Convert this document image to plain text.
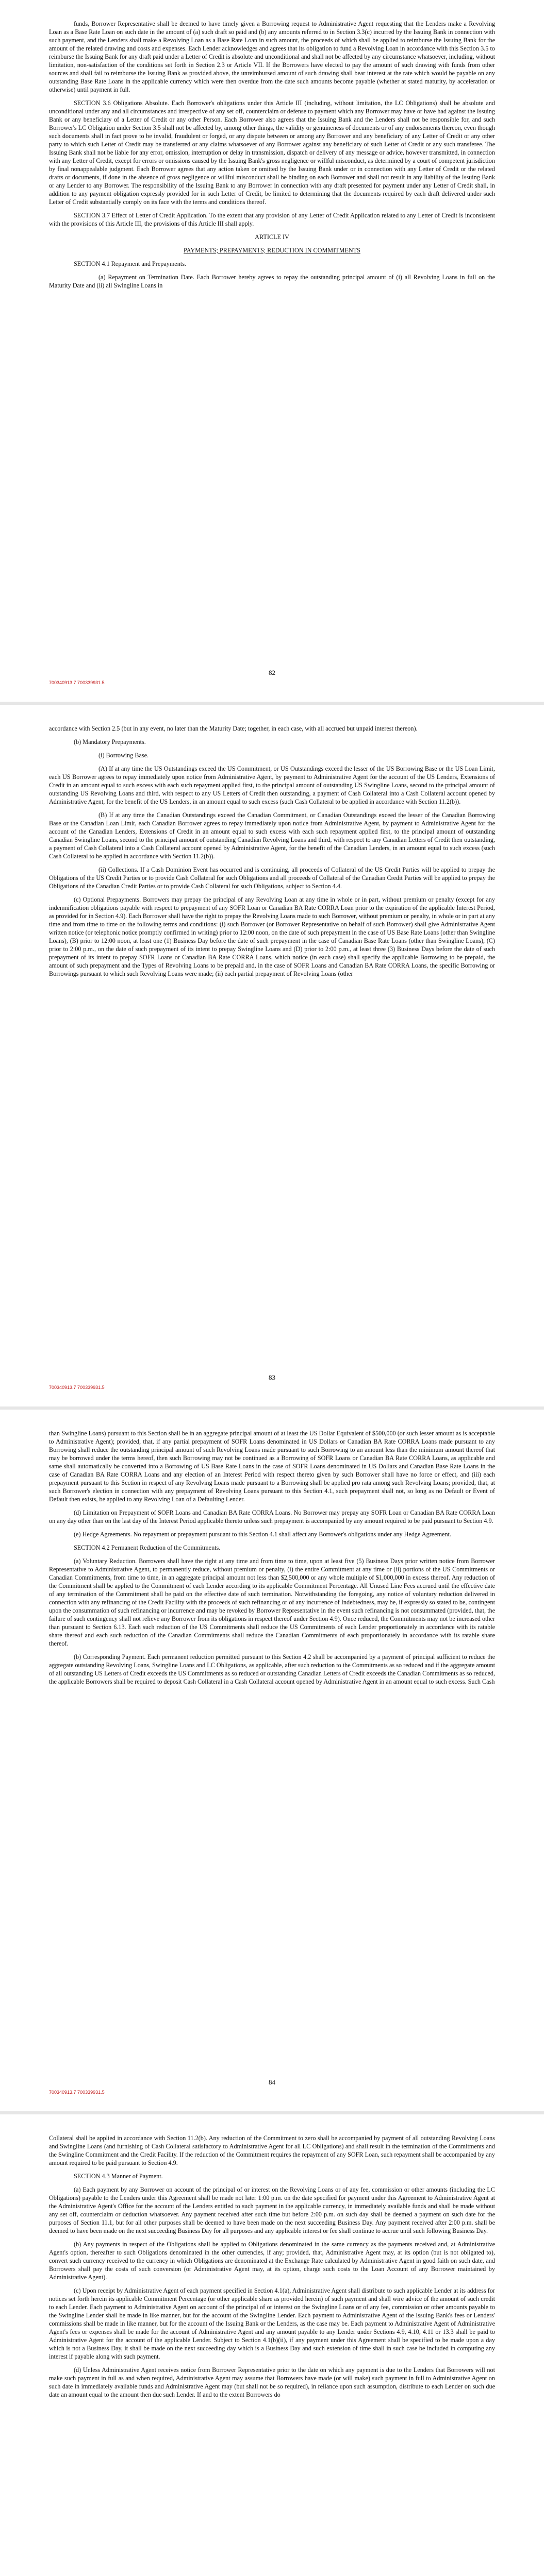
funds, Borrower Representative shall be deemed to have timely given a Borrowing request to Administrative Agent requesting that the Lenders make a Revolving Loan as a Base Rate Loan on such date in the amount of (a) such draft so paid and (b) any amounts referred to in Section 3.3(c) incurred by the Issuing Bank in connection with such payment, and the Lenders shall make a Revolving Loan as a Base Rate Loan in such amount, the proceeds of which shall be applied to reimburse the Issuing Bank for the amount of the related drawing and costs and expenses. Each Lender acknowledges and agrees that its obligation to fund a Revolving Loan in accordance with this Section 3.5 to reimburse the Issuing Bank for any draft paid under a Letter of Credit is absolute and unconditional and shall not be affected by any circumstance whatsoever, including, without limitation, non-satisfaction of the conditions set forth in Section 2.3 or Article VII. If the Borrowers have elected to pay the amount of such drawing with funds from other sources and shall fail to reimburse the Issuing Bank as provided above, the unreimbursed amount of such drawing shall bear interest at the rate which would be payable on any outstanding Base Rate Loans in the applicable currency which were then overdue from the date such amounts become payable (whether at stated maturity, by acceleration or otherwise) until payment in full.

SECTION 3.6 Obligations Absolute. Each Borrower's obligations under this Article III (including, without limitation, the LC Obligations) shall be absolute and unconditional under any and all circumstances and irrespective of any set off, counterclaim or defense to payment which any Borrower may have or have had against the Issuing Bank or any beneficiary of a Letter of Credit or any other Person. Each Borrower also agrees that the Issuing Bank and the Lenders shall not be responsible for, and such Borrower's LC Obligation under Section 3.5 shall not be affected by, among other things, the validity or genuineness of documents or of any endorsements thereon, even though such documents shall in fact prove to be invalid, fraudulent or forged, or any dispute between or among any Borrower and any beneficiary of any Letter of Credit or any other party to which such Letter of Credit may be transferred or any claims whatsoever of any Borrower against any beneficiary of such Letter of Credit or any such transferee. The Issuing Bank shall not be liable for any error, omission, interruption or delay in transmission, dispatch or delivery of any message or advice, however transmitted, in connection with any Letter of Credit, except for errors or omissions caused by the Issuing Bank's gross negligence or willful misconduct, as determined by a court of competent jurisdiction by final nonappealable judgment. Each Borrower agrees that any action taken or omitted by the Issuing Bank under or in connection with any Letter of Credit or the related drafts or documents, if done in the absence of gross negligence or willful misconduct shall be binding on each Borrower and shall not result in any liability of the Issuing Bank or any Lender to any Borrower. The responsibility of the Issuing Bank to any Borrower in connection with any draft presented for payment under any Letter of Credit shall, in addition to any payment obligation expressly provided for in such Letter of Credit, be limited to determining that the documents required by each draft delivered under such Letter of Credit substantially comply on its face with the terms and conditions thereof.

SECTION 3.7 Effect of Letter of Credit Application. To the extent that any provision of any Letter of Credit Application related to any Letter of Credit is inconsistent with the provisions of this Article III, the provisions of this Article III shall apply.

ARTICLE IV

PAYMENTS; PREPAYMENTS; REDUCTION IN COMMITMENTS

SECTION 4.1 Repayment and Prepayments.

(a) Repayment on Termination Date. Each Borrower hereby agrees to repay the outstanding principal amount of (i) all Revolving Loans in full on the Maturity Date and (ii) all Swingline Loans in

82
700340913.7 700339931.5

accordance with Section 2.5 (but in any event, no later than the Maturity Date; together, in each case, with all accrued but unpaid interest thereon).

(b) Mandatory Prepayments.

(i) Borrowing Base.

(A) If at any time the US Outstandings exceed the US Commitment, or US Outstandings exceed the lesser of the US Borrowing Base or the US Loan Limit, each US Borrower agrees to repay immediately upon notice from Administrative Agent, by payment to Administrative Agent for the account of the US Lenders, Extensions of Credit in an amount equal to such excess with each such repayment applied first, to the principal amount of outstanding US Swingline Loans, second to the principal amount of outstanding US Revolving Loans and third, with respect to any US Letters of Credit then outstanding, a payment of Cash Collateral into a Cash Collateral account opened by Administrative Agent, for the benefit of the US Lenders, in an amount equal to such excess (such Cash Collateral to be applied in accordance with Section 11.2(b)).

(B) If at any time the Canadian Outstandings exceed the Canadian Commitment, or Canadian Outstandings exceed the lesser of the Canadian Borrowing Base or the Canadian Loan Limit, each Canadian Borrower agrees to repay immediately upon notice from Administrative Agent, by payment to Administrative Agent for the account of the Canadian Lenders, Extensions of Credit in an amount equal to such excess with each such repayment applied first, to the principal amount of outstanding Canadian Swingline Loans, second to the principal amount of outstanding Canadian Revolving Loans and third, with respect to any Canadian Letters of Credit then outstanding, a payment of Cash Collateral into a Cash Collateral account opened by Administrative Agent, for the benefit of the Canadian Lenders, in an amount equal to such excess (such Cash Collateral to be applied in accordance with Section 11.2(b)).

(ii) Collections. If a Cash Dominion Event has occurred and is continuing, all proceeds of Collateral of the US Credit Parties will be applied to prepay the Obligations of the US Credit Parties or to provide Cash Collateral for such Obligations and all proceeds of Collateral of the Canadian Credit Parties will be applied to prepay the Obligations of the Canadian Credit Parties or to provide Cash Collateral for such Obligations, subject to Section 4.4.

(c) Optional Prepayments. Borrowers may prepay the principal of any Revolving Loan at any time in whole or in part, without premium or penalty (except for any indemnification obligations payable with respect to prepayment of any SOFR Loan or Canadian BA Rate CORRA Loan prior to the expiration of the applicable Interest Period, as provided for in Section 4.9). Each Borrower shall have the right to prepay the Revolving Loans made to such Borrower, without premium or penalty, in whole or in part at any time and from time to time on the following terms and conditions: (i) such Borrower (or Borrower Representative on behalf of such Borrower) shall give Administrative Agent written notice (or telephonic notice promptly confirmed in writing) prior to 12:00 noon, on the date of such prepayment in the case of US Base Rate Loans (other than Swingline Loans), (B) prior to 12:00 noon, at least one (1) Business Day before the date of such prepayment in the case of Canadian Base Rate Loans (other than Swingline Loans), (C) prior to 2:00 p.m., on the date of such prepayment of its intent to prepay Swingline Loans and (D) prior to 2:00 p.m., at least three (3) Business Days before the date of such prepayment of its intent to prepay SOFR Loans or Canadian BA Rate CORRA Loans, which notice (in each case) shall specify the applicable Borrowing to be prepaid, the amount of such prepayment and the Types of Revolving Loans to be prepaid and, in the case of SOFR Loans and Canadian BA Rate CORRA Loans, the specific Borrowing or Borrowings pursuant to which such Revolving Loans were made; (ii) each partial prepayment of Revolving Loans (other

83
700340913.7 700339931.5

than Swingline Loans) pursuant to this Section shall be in an aggregate principal amount of at least the US Dollar Equivalent of $500,000 (or such lesser amount as is acceptable to Administrative Agent); provided, that, if any partial prepayment of SOFR Loans denominated in US Dollars or Canadian BA Rate CORRA Loans made pursuant to any Borrowing shall reduce the outstanding principal amount of such Revolving Loans made pursuant to such Borrowing to an amount less than the minimum amount thereof that may be borrowed under the terms hereof, then such Borrowing may not be continued as a Borrowing of SOFR Loans or Canadian BA Rate CORRA Loans, as applicable and same shall automatically be converted into a Borrowing of US Base Rate Loans in the case of SOFR Loans denominated in US Dollars and Canadian Base Rate Loans in the case of Canadian BA Rate CORRA Loans and any election of an Interest Period with respect thereto given by such Borrower shall have no force or effect, and (iii) each prepayment pursuant to this Section in respect of any Revolving Loans made pursuant to a Borrowing shall be applied pro rata among such Revolving Loans; provided, that, at such Borrower's election in connection with any prepayment of Revolving Loans pursuant to this Section 4.1, such prepayment shall not, so long as no Default or Event of Default then exists, be applied to any Revolving Loan of a Defaulting Lender.

(d) Limitation on Prepayment of SOFR Loans and Canadian BA Rate CORRA Loans. No Borrower may prepay any SOFR Loan or Canadian BA Rate CORRA Loan on any day other than on the last day of the Interest Period applicable thereto unless such prepayment is accompanied by any amount required to be paid pursuant to Section 4.9.

(e) Hedge Agreements. No repayment or prepayment pursuant to this Section 4.1 shall affect any Borrower's obligations under any Hedge Agreement.

SECTION 4.2 Permanent Reduction of the Commitments.

(a) Voluntary Reduction. Borrowers shall have the right at any time and from time to time, upon at least five (5) Business Days prior written notice from Borrower Representative to Administrative Agent, to permanently reduce, without premium or penalty, (i) the entire Commitment at any time or (ii) portions of the US Commitments or Canadian Commitments, from time to time, in an aggregate principal amount not less than $2,500,000 or any whole multiple of $1,000,000 in excess thereof. Any reduction of the Commitment shall be applied to the Commitment of each Lender according to its applicable Commitment Percentage. All Unused Line Fees accrued until the effective date of any termination of the Commitment shall be paid on the effective date of such termination. Notwithstanding the foregoing, any notice of voluntary reduction delivered in connection with any refinancing of the Credit Facility with the proceeds of such refinancing or of any incurrence of Indebtedness, may be, if expressly so stated to be, contingent upon the consummation of such refinancing or incurrence and may be revoked by Borrower Representative in the event such refinancing is not consummated (provided, that, the failure of such contingency shall not relieve any Borrower from its obligations in respect thereof under Section 4.9). Once reduced, the Commitments may not be increased other than pursuant to Section 6.13. Each such reduction of the US Commitments shall reduce the US Commitments of each Lender proportionately in accordance with its ratable share thereof and each such reduction of the Canadian Commitments shall reduce the Canadian Commitments of each proportionately in accordance with its ratable share thereof.

(b) Corresponding Payment. Each permanent reduction permitted pursuant to this Section 4.2 shall be accompanied by a payment of principal sufficient to reduce the aggregate outstanding Revolving Loans, Swingline Loans and LC Obligations, as applicable, after such reduction to the Commitments as so reduced and if the aggregate amount of all outstanding US Letters of Credit exceeds the US Commitments as so reduced or outstanding Canadian Letters of Credit exceeds the Canadian Commitments as so reduced, the applicable Borrowers shall be required to deposit Cash Collateral in a Cash Collateral account opened by Administrative Agent in an amount equal to such excess. Such Cash

84
700340913.7 700339931.5

Collateral shall be applied in accordance with Section 11.2(b). Any reduction of the Commitment to zero shall be accompanied by payment of all outstanding Revolving Loans and Swingline Loans (and furnishing of Cash Collateral satisfactory to Administrative Agent for all LC Obligations) and shall result in the termination of the Commitments and the Swingline Commitment and the Credit Facility. If the reduction of the Commitment requires the repayment of any SOFR Loan, such repayment shall be accompanied by any amount required to be paid pursuant to Section 4.9.

SECTION 4.3 Manner of Payment.

(a) Each payment by any Borrower on account of the principal of or interest on the Revolving Loans or of any fee, commission or other amounts (including the LC Obligations) payable to the Lenders under this Agreement shall be made not later 1:00 p.m. on the date specified for payment under this Agreement to Administrative Agent at the Administrative Agent's Office for the account of the Lenders entitled to such payment in the applicable currency, in immediately available funds and shall be made without any set off, counterclaim or deduction whatsoever. Any payment received after such time but before 2:00 p.m. on such day shall be deemed a payment on such date for the purposes of Section 11.1, but for all other purposes shall be deemed to have been made on the next succeeding Business Day. Any payment received after 2:00 p.m. shall be deemed to have been made on the next succeeding Business Day for all purposes and any applicable interest or fee shall continue to accrue until such following Business Day.

(b) Any payments in respect of the Obligations shall be applied to Obligations denominated in the same currency as the payments received and, at Administrative Agent's option, thereafter to such Obligations denominated in the other currencies, if any; provided, that, Administrative Agent may, at its option (but is not obligated to), convert such currency received to the currency in which Obligations are denominated at the Exchange Rate calculated by Administrative Agent in good faith on such date, and Borrowers shall pay the costs of such conversion (or Administrative Agent may, at its option, charge such costs to the Loan Account of any Borrower maintained by Administrative Agent).

(c) Upon receipt by Administrative Agent of each payment specified in Section 4.1(a), Administrative Agent shall distribute to such applicable Lender at its address for notices set forth herein its applicable Commitment Percentage (or other applicable share as provided herein) of such payment and shall wire advice of the amount of such credit to each Lender. Each payment to Administrative Agent on account of the principal of or interest on the Swingline Loans or of any fee, commission or other amounts payable to the Swingline Lender shall be made in like manner, but for the account of the Swingline Lender. Each payment to Administrative Agent of the Issuing Bank's fees or Lenders' commissions shall be made in like manner, but for the account of the Issuing Bank or the Lenders, as the case may be. Each payment to Administrative Agent of Administrative Agent's fees or expenses shall be made for the account of Administrative Agent and any amount payable to any Lender under Sections 4.9, 4.10, 4.11 or 13.3 shall be paid to Administrative Agent for the account of the applicable Lender. Subject to Section 4.1(b)(ii), if any payment under this Agreement shall be specified to be made upon a day which is not a Business Day, it shall be made on the next succeeding day which is a Business Day and such extension of time shall in such case be included in computing any interest if payable along with such payment.

(d) Unless Administrative Agent receives notice from Borrower Representative prior to the date on which any payment is due to the Lenders that Borrowers will not make such payment in full as and when required, Administrative Agent may assume that Borrowers have made (or will make) such payment in full to Administrative Agent on such date in immediately available funds and Administrative Agent may (but shall not be so required), in reliance upon such assumption, distribute to each Lender on such due date an amount equal to the amount then due such Lender. If and to the extent Borrowers do
